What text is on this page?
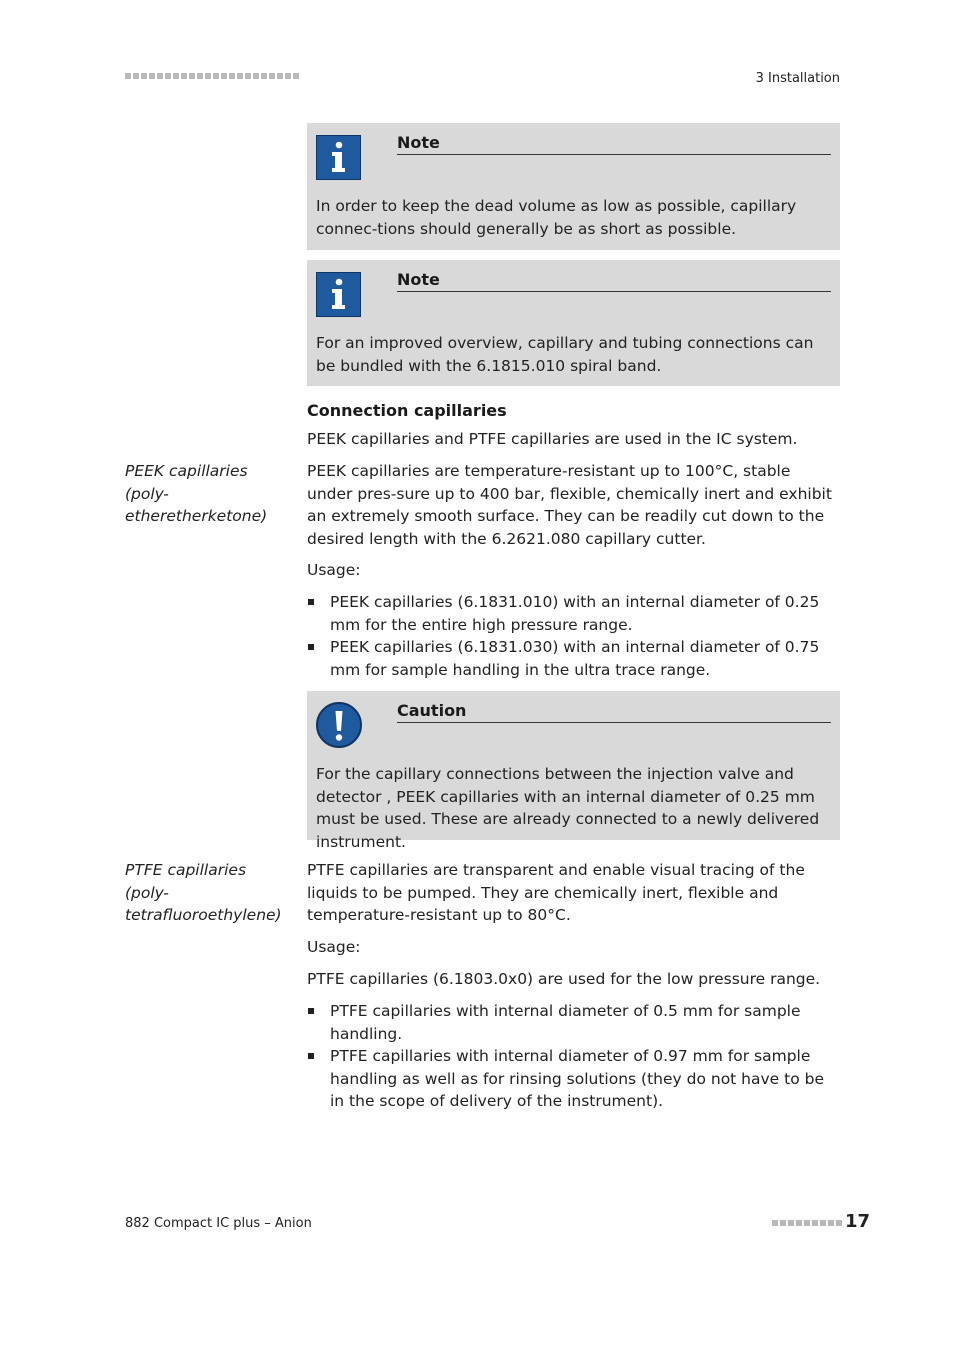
3 Installation
Note
In order to keep the dead volume as low as possible, capillary connec-tions should generally be as short as possible.
Note
For an improved overview, capillary and tubing connections can be bundled with the 6.1815.010 spiral band.
Connection capillaries
PEEK capillaries and PTFE capillaries are used in the IC system.
PEEK capillaries (poly-etheretherketone)
PEEK capillaries are temperature-resistant up to 100°C, stable under pres-sure up to 400 bar, flexible, chemically inert and exhibit an extremely smooth surface. They can be readily cut down to the desired length with the 6.2621.080 capillary cutter.
Usage:
PEEK capillaries (6.1831.010) with an internal diameter of 0.25 mm for the entire high pressure range.
PEEK capillaries (6.1831.030) with an internal diameter of 0.75 mm for sample handling in the ultra trace range.
Caution
For the capillary connections between the injection valve and detector , PEEK capillaries with an internal diameter of 0.25 mm must be used. These are already connected to a newly delivered instrument.
PTFE capillaries (poly-tetrafluoroethylene)
PTFE capillaries are transparent and enable visual tracing of the liquids to be pumped. They are chemically inert, flexible and temperature-resistant up to 80°C.
Usage:
PTFE capillaries (6.1803.0x0) are used for the low pressure range.
PTFE capillaries with internal diameter of 0.5 mm for sample handling.
PTFE capillaries with internal diameter of 0.97 mm for sample handling as well as for rinsing solutions (they do not have to be in the scope of delivery of the instrument).
882 Compact IC plus – Anion	17
